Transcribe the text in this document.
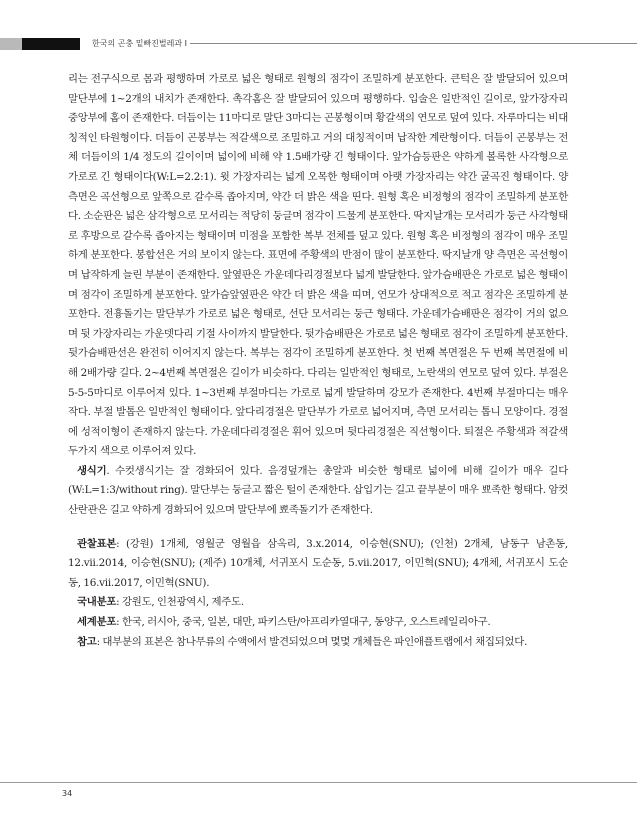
한국의 곤충 밑빠진벌레과 I

리는 전구식으로 몸과 평행하며 가로로 넓은 형태로 원형의 점각이 조밀하게 분포한다. 큰턱은 잘 발달되어 있으며 말단부에 1~2개의 내치가 존재한다. 촉각홈은 잘 발달되어 있으며 평행하다. 입술은 일반적인 길이로, 앞가장자리 중앙부에 홈이 존재한다. 더듬이는 11마디로 말단 3마디는 곤봉형이며 황갈색의 연모로 덮여 있다. 자루마디는 비대칭적인 타원형이다. 더듬이 곤봉부는 적갈색으로 조밀하고 거의 대칭적이며 납작한 계란형이다. 더듬이 곤봉부는 전체 더듬이의 1/4 정도의 길이이며 넓이에 비해 약 1.5배가량 긴 형태이다. 앞가슴등판은 약하게 볼록한 사각형으로 가로로 긴 형태이다(W:L=2.2:1). 윗 가장자리는 넓게 오목한 형태이며 아랫 가장자리는 약간 굴곡진 형태이다. 양 측면은 곡선형으로 앞쪽으로 갈수록 좁아지며, 약간 더 밝은 색을 띤다. 원형 혹은 비정형의 점각이 조밀하게 분포한다. 소순판은 넓은 삼각형으로 모서리는 적당히 둥글며 점각이 드물게 분포한다. 딱지날개는 모서리가 둥근 사각형태로 후방으로 갈수록 좁아지는 형태이며 미점을 포함한 복부 전체를 덮고 있다. 원형 혹은 비정형의 점각이 매우 조밀하게 분포한다. 봉합선은 거의 보이지 않는다. 표면에 주황색의 반점이 많이 분포한다. 딱지날개 양 측면은 곡선형이며 납작하게 늘린 부분이 존재한다. 앞옆판은 가운데다리경절보다 넓게 발달한다. 앞가슴배판은 가로로 넓은 형태이며 점각이 조밀하게 분포한다. 앞가슴앞옆판은 약간 더 밝은 색을 띠며, 연모가 상대적으로 적고 점각은 조밀하게 분포한다. 전흉돌기는 말단부가 가로로 넓은 형태로, 선단 모서리는 둥근 형태다. 가운데가슴배판은 점각이 거의 없으며 뒷 가장자리는 가운뎃다리 기절 사이까지 발달한다. 뒷가슴배판은 가로로 넓은 형태로 점각이 조밀하게 분포한다. 뒷가슴배판선은 완전히 이어지지 않는다. 복부는 점각이 조밀하게 분포한다. 첫 번째 복면절은 두 번째 복면절에 비해 2배가량 길다. 2~4번째 복면절은 길이가 비슷하다. 다리는 일반적인 형태로, 노란색의 연모로 덮여 있다. 부절은 5-5-5마디로 이루어져 있다. 1~3번째 부절마디는 가로로 넓게 발달하며 강모가 존재한다. 4번째 부절마디는 매우 작다. 부절 발톱은 일반적인 형태이다. 앞다리경절은 말단부가 가로로 넓어지며, 측면 모서리는 톱니 모양이다. 경절에 성적이형이 존재하지 않는다. 가운데다리경절은 휘어 있으며 뒷다리경절은 직선형이다. 퇴절은 주황색과 적갈색 두가지 색으로 이루어져 있다.

생식기. 수컷생식기는 잘 경화되어 있다. 음경덮개는 총알과 비슷한 형태로 넓이에 비해 길이가 매우 길다(W:L=1:3/without ring). 말단부는 둥글고 짧은 털이 존재한다. 삽입기는 길고 끝부분이 매우 뾰족한 형태다. 암컷산란관은 길고 약하게 경화되어 있으며 말단부에 뾰족돌기가 존재한다.

관찰표본: (강원) 1개체, 영월군 영월읍 삼옥리, 3.x.2014, 이승현(SNU); (인천) 2개체, 남동구 남촌동, 12.vii.2014, 이승현(SNU); (제주) 10개체, 서귀포시 도순동, 5.vii.2017, 이민혁(SNU); 4개체, 서귀포시 도순동, 16.vii.2017, 이민혁(SNU).

국내분포: 강원도, 인천광역시, 제주도.

세계분포: 한국, 러시아, 중국, 일본, 대만, 파키스탄/아프리카열대구, 동양구, 오스트레일리아구.

참고: 대부분의 표본은 참나무류의 수액에서 발견되었으며 몇몇 개체들은 파인애플트랩에서 채집되었다.

34
